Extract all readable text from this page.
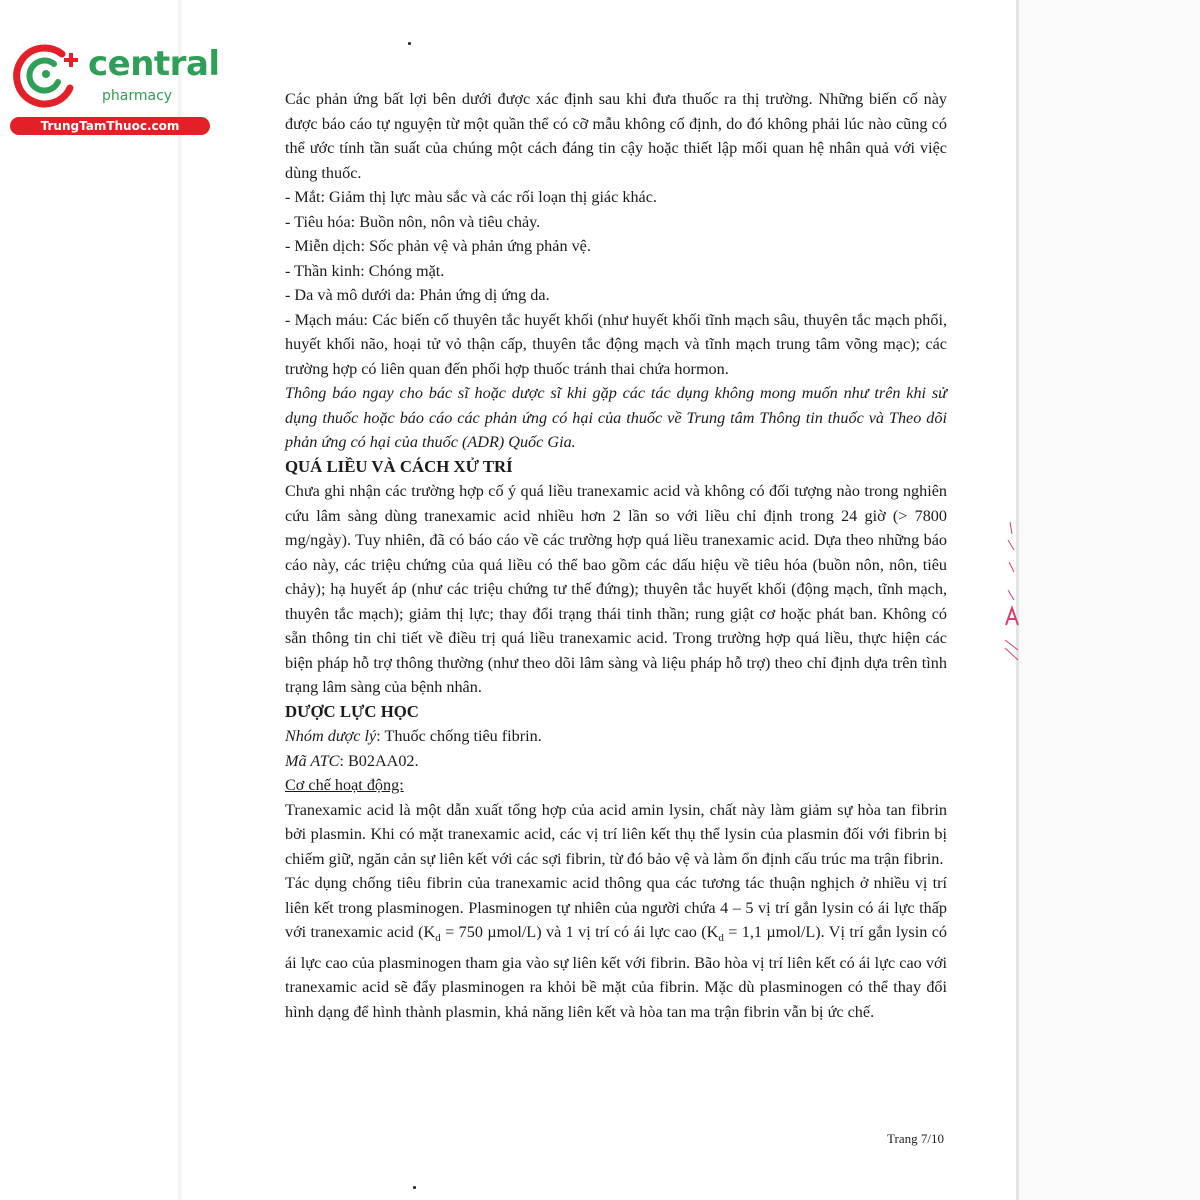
central
pharmacy
TrungTamThuoc.com

Các phản ứng bất lợi bên dưới được xác định sau khi đưa thuốc ra thị trường. Những biến cố này được báo cáo tự nguyện từ một quần thể có cỡ mẫu không cố định, do đó không phải lúc nào cũng có thể ước tính tần suất của chúng một cách đáng tin cậy hoặc thiết lập mối quan hệ nhân quả với việc dùng thuốc.

- Mắt: Giảm thị lực màu sắc và các rối loạn thị giác khác.

- Tiêu hóa: Buồn nôn, nôn và tiêu chảy.

- Miễn dịch: Sốc phản vệ và phản ứng phản vệ.

- Thần kinh: Chóng mặt.

- Da và mô dưới da: Phản ứng dị ứng da.

- Mạch máu: Các biến cố thuyên tắc huyết khối (như huyết khối tĩnh mạch sâu, thuyên tắc mạch phổi, huyết khối não, hoại tử vỏ thận cấp, thuyên tắc động mạch và tĩnh mạch trung tâm võng mạc); các trường hợp có liên quan đến phối hợp thuốc tránh thai chứa hormon.

Thông báo ngay cho bác sĩ hoặc dược sĩ khi gặp các tác dụng không mong muốn như trên khi sử dụng thuốc hoặc báo cáo các phản ứng có hại của thuốc về Trung tâm Thông tin thuốc và Theo dõi phản ứng có hại của thuốc (ADR) Quốc Gia.

QUÁ LIỀU VÀ CÁCH XỬ TRÍ

Chưa ghi nhận các trường hợp cố ý quá liều tranexamic acid và không có đối tượng nào trong nghiên cứu lâm sàng dùng tranexamic acid nhiều hơn 2 lần so với liều chỉ định trong 24 giờ (> 7800 mg/ngày). Tuy nhiên, đã có báo cáo về các trường hợp quá liều tranexamic acid. Dựa theo những báo cáo này, các triệu chứng của quá liều có thể bao gồm các dấu hiệu về tiêu hóa (buồn nôn, nôn, tiêu chảy); hạ huyết áp (như các triệu chứng tư thế đứng); thuyên tắc huyết khối (động mạch, tĩnh mạch, thuyên tắc mạch); giảm thị lực; thay đổi trạng thái tinh thần; rung giật cơ hoặc phát ban. Không có sẵn thông tin chi tiết về điều trị quá liều tranexamic acid. Trong trường hợp quá liều, thực hiện các biện pháp hỗ trợ thông thường (như theo dõi lâm sàng và liệu pháp hỗ trợ) theo chỉ định dựa trên tình trạng lâm sàng của bệnh nhân.

DƯỢC LỰC HỌC

Nhóm dược lý: Thuốc chống tiêu fibrin.

Mã ATC: B02AA02.

Cơ chế hoạt động:

Tranexamic acid là một dẫn xuất tổng hợp của acid amin lysin, chất này làm giảm sự hòa tan fibrin bởi plasmin. Khi có mặt tranexamic acid, các vị trí liên kết thụ thể lysin của plasmin đối với fibrin bị chiếm giữ, ngăn cản sự liên kết với các sợi fibrin, từ đó bảo vệ và làm ổn định cấu trúc ma trận fibrin.

Tác dụng chống tiêu fibrin của tranexamic acid thông qua các tương tác thuận nghịch ở nhiều vị trí liên kết trong plasminogen. Plasminogen tự nhiên của người chứa 4 – 5 vị trí gắn lysin có ái lực thấp với tranexamic acid ($K_d = 750$ µmol/L) và 1 vị trí có ái lực cao ($K_d = 1,1$ µmol/L). Vị trí gắn lysin có ái lực cao của plasminogen tham gia vào sự liên kết với fibrin. Bão hòa vị trí liên kết có ái lực cao với tranexamic acid sẽ đẩy plasminogen ra khỏi bề mặt của fibrin. Mặc dù plasminogen có thể thay đổi hình dạng để hình thành plasmin, khả năng liên kết và hòa tan ma trận fibrin vẫn bị ức chế.

Trang 7/10
